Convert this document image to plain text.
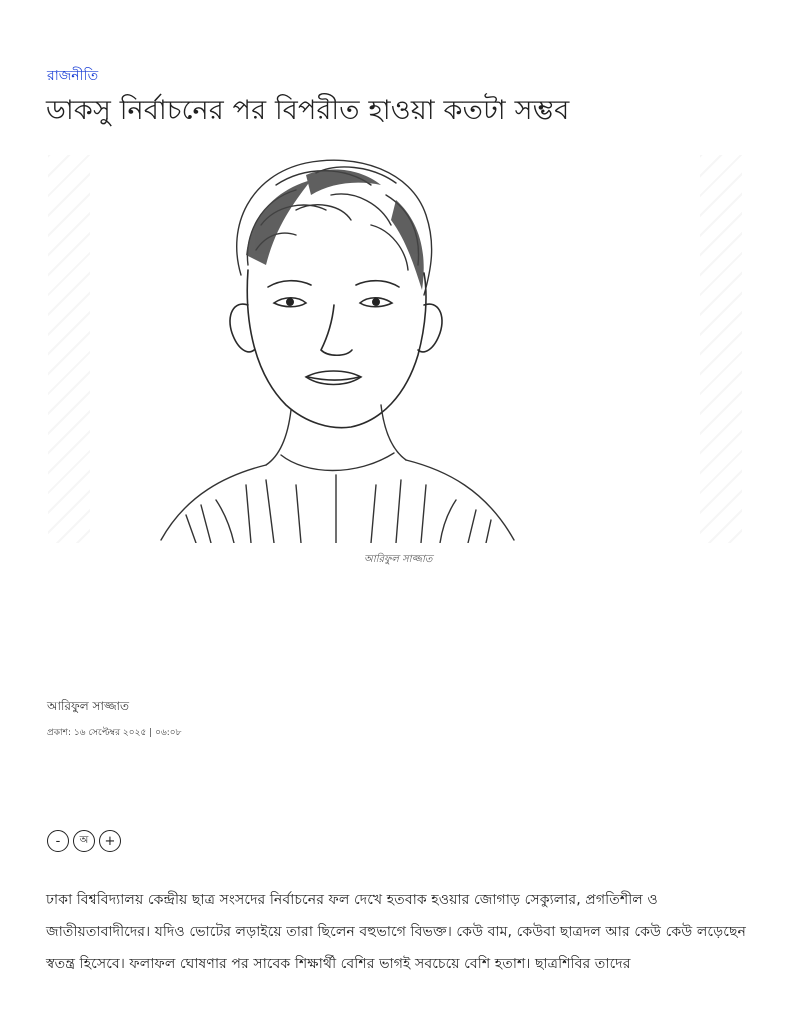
রাজনীতি
ডাকসু নির্বাচনের পর বিপরীত হাওয়া কতটা সম্ভব
আরিফুল সাজ্জাত
আরিফুল সাজ্জাত
প্রকাশ: ১৬ সেপ্টেম্বর ২০২৫ | ০৬:০৮
-	অ	+

ঢাকা বিশ্ববিদ্যালয় কেন্দ্রীয় ছাত্র সংসদের নির্বাচনের ফল দেখে হতবাক হওয়ার জোগাড় সেক্যুলার, প্রগতিশীল ও জাতীয়তাবাদীদের। যদিও ভোটের লড়াইয়ে তারা ছিলেন বহুভাগে বিভক্ত। কেউ বাম, কেউবা ছাত্রদল আর কেউ কেউ লড়েছেন স্বতন্ত্র হিসেবে। ফলাফল ঘোষণার পর সাবেক শিক্ষার্থী বেশির ভাগই সবচেয়ে বেশি হতাশ। ছাত্রশিবির তাদের
